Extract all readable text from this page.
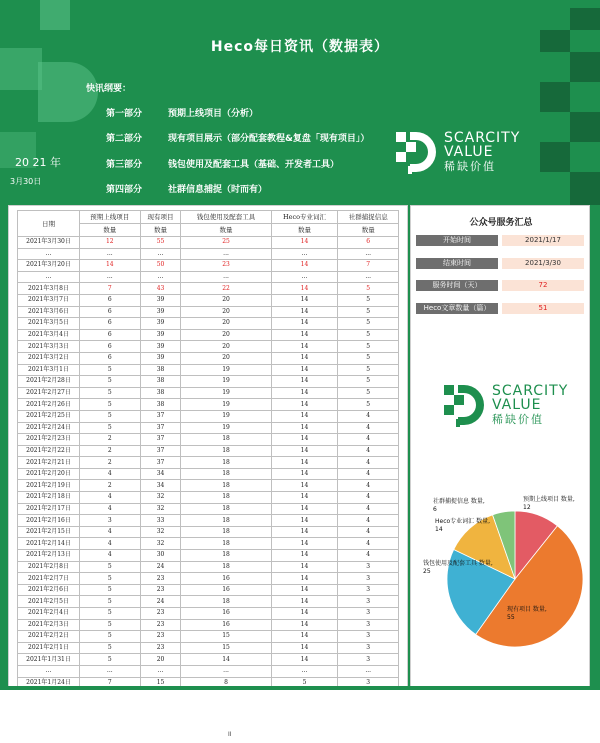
Heco每日资讯（数据表）
快讯纲要：
第一部分	预期上线项目（分析）
第二部分	现有项目展示（部分配套教程&复盘「现有项目」）
第三部分	钱包使用及配套工具（基础、开发者工具）
第四部分	社群信息捕捉（时而有）
20 21 年
3月30日
SCARCITY
VALUE
稀缺价值
日期	预期上线项目	现有项目	钱包使用及配套工具	Heco专业词汇	社群捕捉信息
	数量	数量	数量	数量	数量
2021年3月30日	12	55	25	14	6
...	...	...	...	...	...
2021年3月20日	14	50	23	14	7
...	...	...	...	...	...
2021年3月8日	7	43	22	14	5
2021年3月7日	6	39	20	14	5
2021年3月6日	6	39	20	14	5
2021年3月5日	6	39	20	14	5
2021年3月4日	6	39	20	14	5
2021年3月3日	6	39	20	14	5
2021年3月2日	6	39	20	14	5
2021年3月1日	5	38	19	14	5
2021年2月28日	5	38	19	14	5
2021年2月27日	5	38	19	14	5
2021年2月26日	5	38	19	14	5
2021年2月25日	5	37	19	14	4
2021年2月24日	5	37	19	14	4
2021年2月23日	2	37	18	14	4
2021年2月22日	2	37	18	14	4
2021年2月21日	2	37	18	14	4
2021年2月20日	4	34	18	14	4
2021年2月19日	2	34	18	14	4
2021年2月18日	4	32	18	14	4
2021年2月17日	4	32	18	14	4
2021年2月16日	3	33	18	14	4
2021年2月15日	4	32	18	14	4
2021年2月14日	4	32	18	14	4
2021年2月13日	4	30	18	14	4
2021年2月8日	5	24	18	14	3
2021年2月7日	5	23	16	14	3
2021年2月6日	5	23	16	14	3
2021年2月5日	5	24	18	14	3
2021年2月4日	5	23	16	14	3
2021年2月3日	5	23	16	14	3
2021年2月2日	5	23	15	14	3
2021年2月1日	5	23	15	14	3
2021年1月31日	5	20	14	14	3
...	...	...	...	...	...
2021年1月24日	7	15	8	5	3
公众号服务汇总
开始时间	2021/1/17
结束时间	2021/3/30
服务时间（天）	72
Heco文章数量（篇）	51
SCARCITY
VALUE
稀缺价值
预期上线项目 数量, 12
现有项目 数量, 55
钱包使用及配套工具 数量, 25
Heco专业词汇 数量, 14
社群捕捉信息 数量, 6
II
